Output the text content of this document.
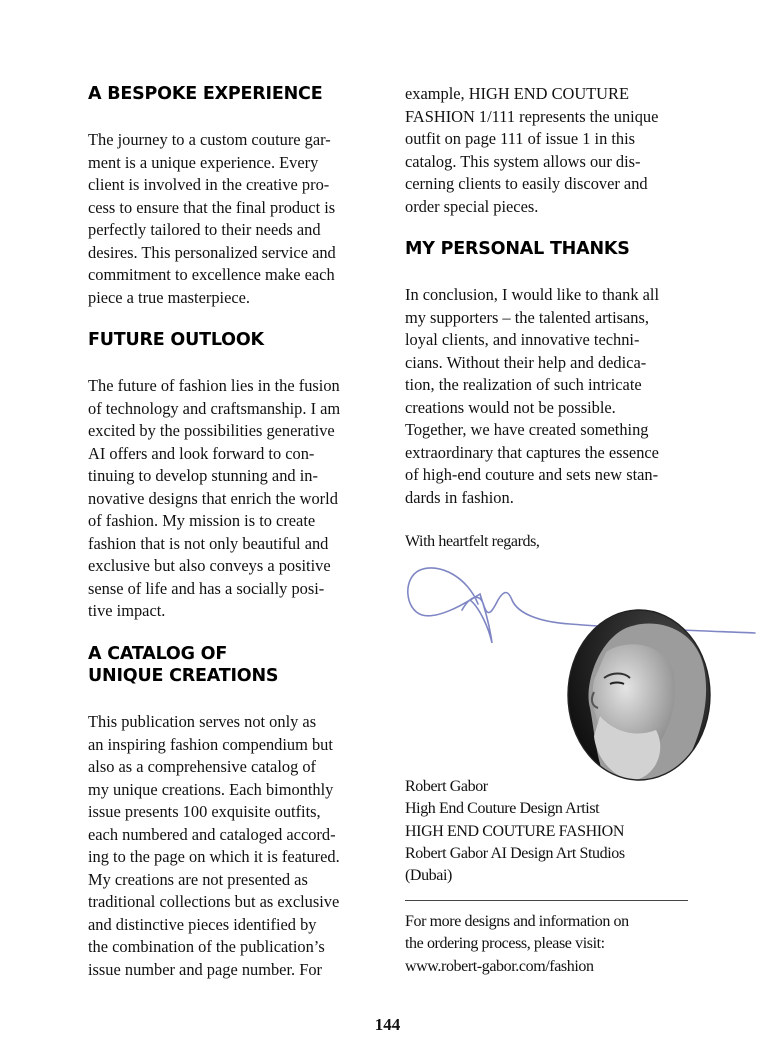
A BESPOKE EXPERIENCE

The journey to a custom couture gar-
ment is a unique experience. Every
client is involved in the creative pro-
cess to ensure that the final product is
perfectly tailored to their needs and
desires. This personalized service and
commitment to excellence make each
piece a true masterpiece.

FUTURE OUTLOOK

The future of fashion lies in the fusion
of technology and craftsmanship. I am
excited by the possibilities generative
AI offers and look forward to con-
tinuing to develop stunning and in-
novative designs that enrich the world
of fashion. My mission is to create
fashion that is not only beautiful and
exclusive but also conveys a positive
sense of life and has a socially posi-
tive impact.

A CATALOG OF
UNIQUE CREATIONS

This publication serves not only as
an inspiring fashion compendium but
also as a comprehensive catalog of
my unique creations. Each bimonthly
issue presents 100 exquisite outfits,
each numbered and cataloged accord-
ing to the page on which it is featured.
My creations are not presented as
traditional collections but as exclusive
and distinctive pieces identified by
the combination of the publication’s
issue number and page number. For

example, HIGH END COUTURE
FASHION 1/111 represents the unique
outfit on page 111 of issue 1 in this
catalog. This system allows our dis-
cerning clients to easily discover and
order special pieces.

MY PERSONAL THANKS

In conclusion, I would like to thank all
my supporters – the talented artisans,
loyal clients, and innovative techni-
cians. Without their help and dedica-
tion, the realization of such intricate
creations would not be possible.
Together, we have created something
extraordinary that captures the essence
of high-end couture and sets new stan-
dards in fashion.

With heartfelt regards,

Robert Gabor
High End Couture Design Artist
HIGH END COUTURE FASHION
Robert Gabor AI Design Art Studios
(Dubai)

For more designs and information on
the ordering process, please visit:
www.robert-gabor.com/fashion

144
